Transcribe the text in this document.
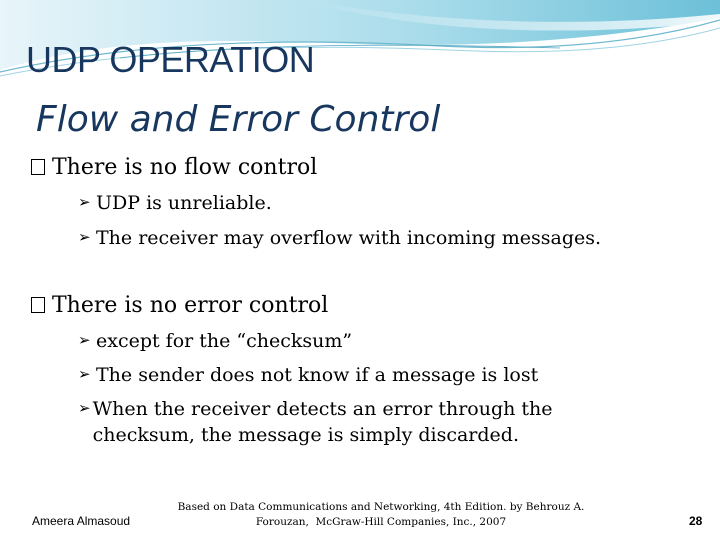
UDP OPERATION
Flow and Error Control
There is no flow control
➢ UDP is unreliable.
➢ The receiver may overflow with incoming messages.
There is no error control
➢ except for the “checksum”
➢ The sender does not know if a message is lost
➢ When the receiver detects an error through the checksum, the message is simply discarded.
Ameera Almasoud
Based on Data Communications and Networking, 4th Edition. by Behrouz A.
Forouzan,  McGraw-Hill Companies, Inc., 2007	28
